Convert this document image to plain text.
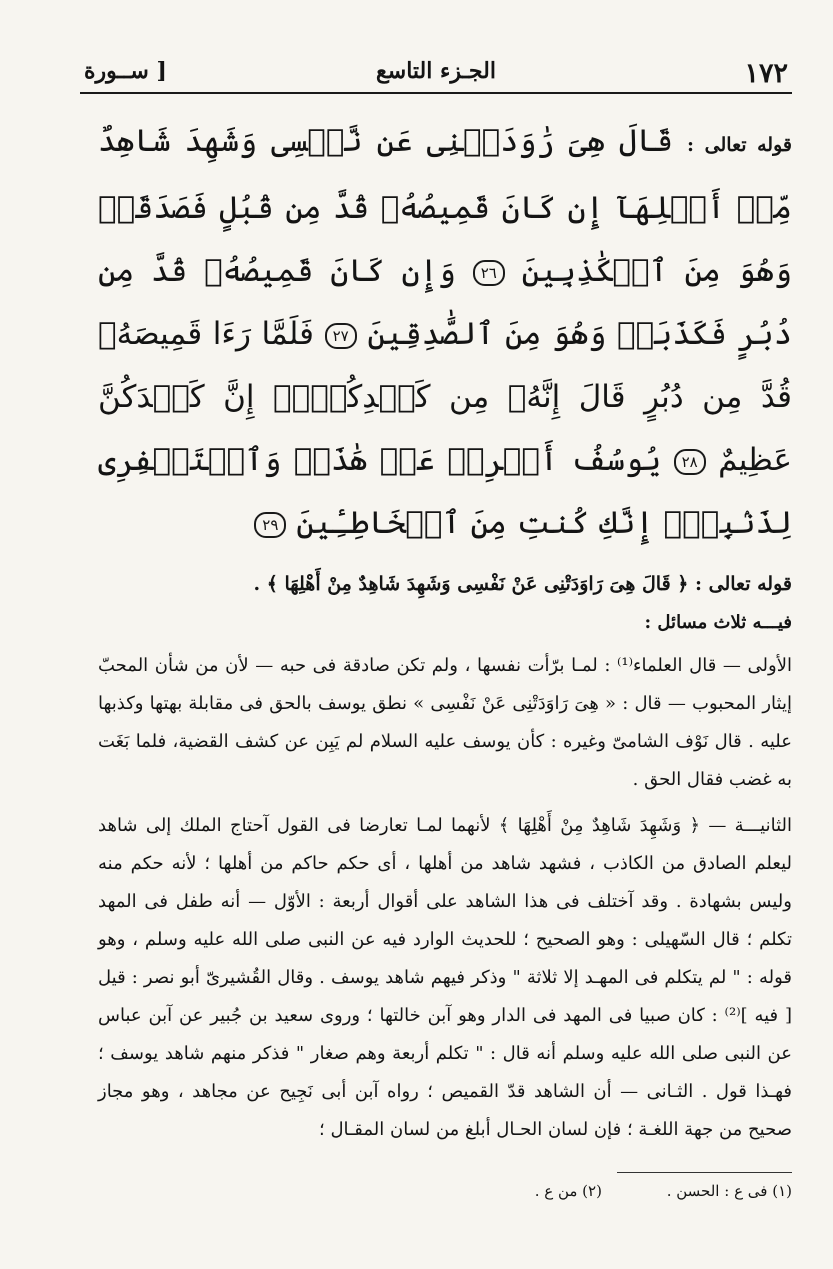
١٧٢
الجـزء التاسع
[ ســورة

قوله تعالى : قَالَ هِىَ رَٰوَدَتۡنِى عَن نَّفۡسِى وَشَهِدَ شَاهِدٌ مِّنۡ أَهۡلِهَآ إِن كَانَ قَمِيصُهُۥ قُدَّ مِن قُبُلٍ فَصَدَقَتۡ وَهُوَ مِنَ ٱلۡكَٰذِبِينَ ٢٦ وَإِن كَانَ قَمِيصُهُۥ قُدَّ مِن دُبُرٍ فَكَذَبَتۡ وَهُوَ مِنَ ٱلصَّٰدِقِينَ ٢٧ فَلَمَّا رَءَا قَمِيصَهُۥ قُدَّ مِن دُبُرٍ قَالَ إِنَّهُۥ مِن كَيۡدِكُنَّۖ إِنَّ كَيۡدَكُنَّ عَظِيمٌ ٢٨ يُوسُفُ أَعۡرِضۡ عَنۡ هَٰذَاۚ وَٱسۡتَغۡفِرِى لِذَنۢبِكِۖ إِنَّكِ كُنتِ مِنَ ٱلۡخَاطِـِٔينَ ٢٩

قوله تعالى : ﴿ قَالَ هِىَ رَاوَدَتْنِى عَنْ نَفْسِى وَشَهِدَ شَاهِدٌ مِنْ أَهْلِهَا ﴾ .

فيـــه ثلاث مسائل :

الأولى — قال العلماء⁽¹⁾ : لمـا برّأت نفسها ، ولم تكن صادقة فى حبه — لأن من شأن المحبّ إيثار المحبوب — قال : « هِىَ رَاوَدَتْنِى عَنْ نَفْسِى » نطق يوسف بالحق فى مقابلة بهتها وكذبها عليه . قال نَوْف الشامىّ وغيره : كأن يوسف عليه السلام لم يَبِن عن كشف القضية، فلما بَغَت به غضب فقال الحق .

الثانيـــة — ﴿ وَشَهِدَ شَاهِدٌ مِنْ أَهْلِهَا ﴾ لأنهما لمـا تعارضا فى القول آحتاج الملك إلى شاهد ليعلم الصادق من الكاذب ، فشهد شاهد من أهلها ، أى حكم حاكم من أهلها ؛ لأنه حكم منه وليس بشهادة . وقد آختلف فى هذا الشاهد على أقوال أربعة : الأوّل — أنه طفل فى المهد تكلم ؛ قال السّهيلى : وهو الصحيح ؛ للحديث الوارد فيه عن النبى صلى الله عليه وسلم ، وهو قوله : " لم يتكلم فى المهـد إلا ثلاثة " وذكر فيهم شاهد يوسف . وقال القُشيرىّ أبو نصر : قيل [ فيه ]⁽²⁾ : كان صبيا فى المهد فى الدار وهو آبن خالتها ؛ وروى سعيد بن جُبير عن آبن عباس عن النبى صلى الله عليه وسلم أنه قال : " تكلم أربعة وهم صغار " فذكر منهم شاهد يوسف ؛ فهـذا قول . الثـانى — أن الشاهد قدّ القميص ؛ رواه آبن أبى نَجِيح عن مجاهد ، وهو مجاز صحيح من جهة اللغـة ؛ فإن لسان الحـال أبلغ من لسان المقـال ؛

(١) فى ع : الحسن . (٢) من ع .
